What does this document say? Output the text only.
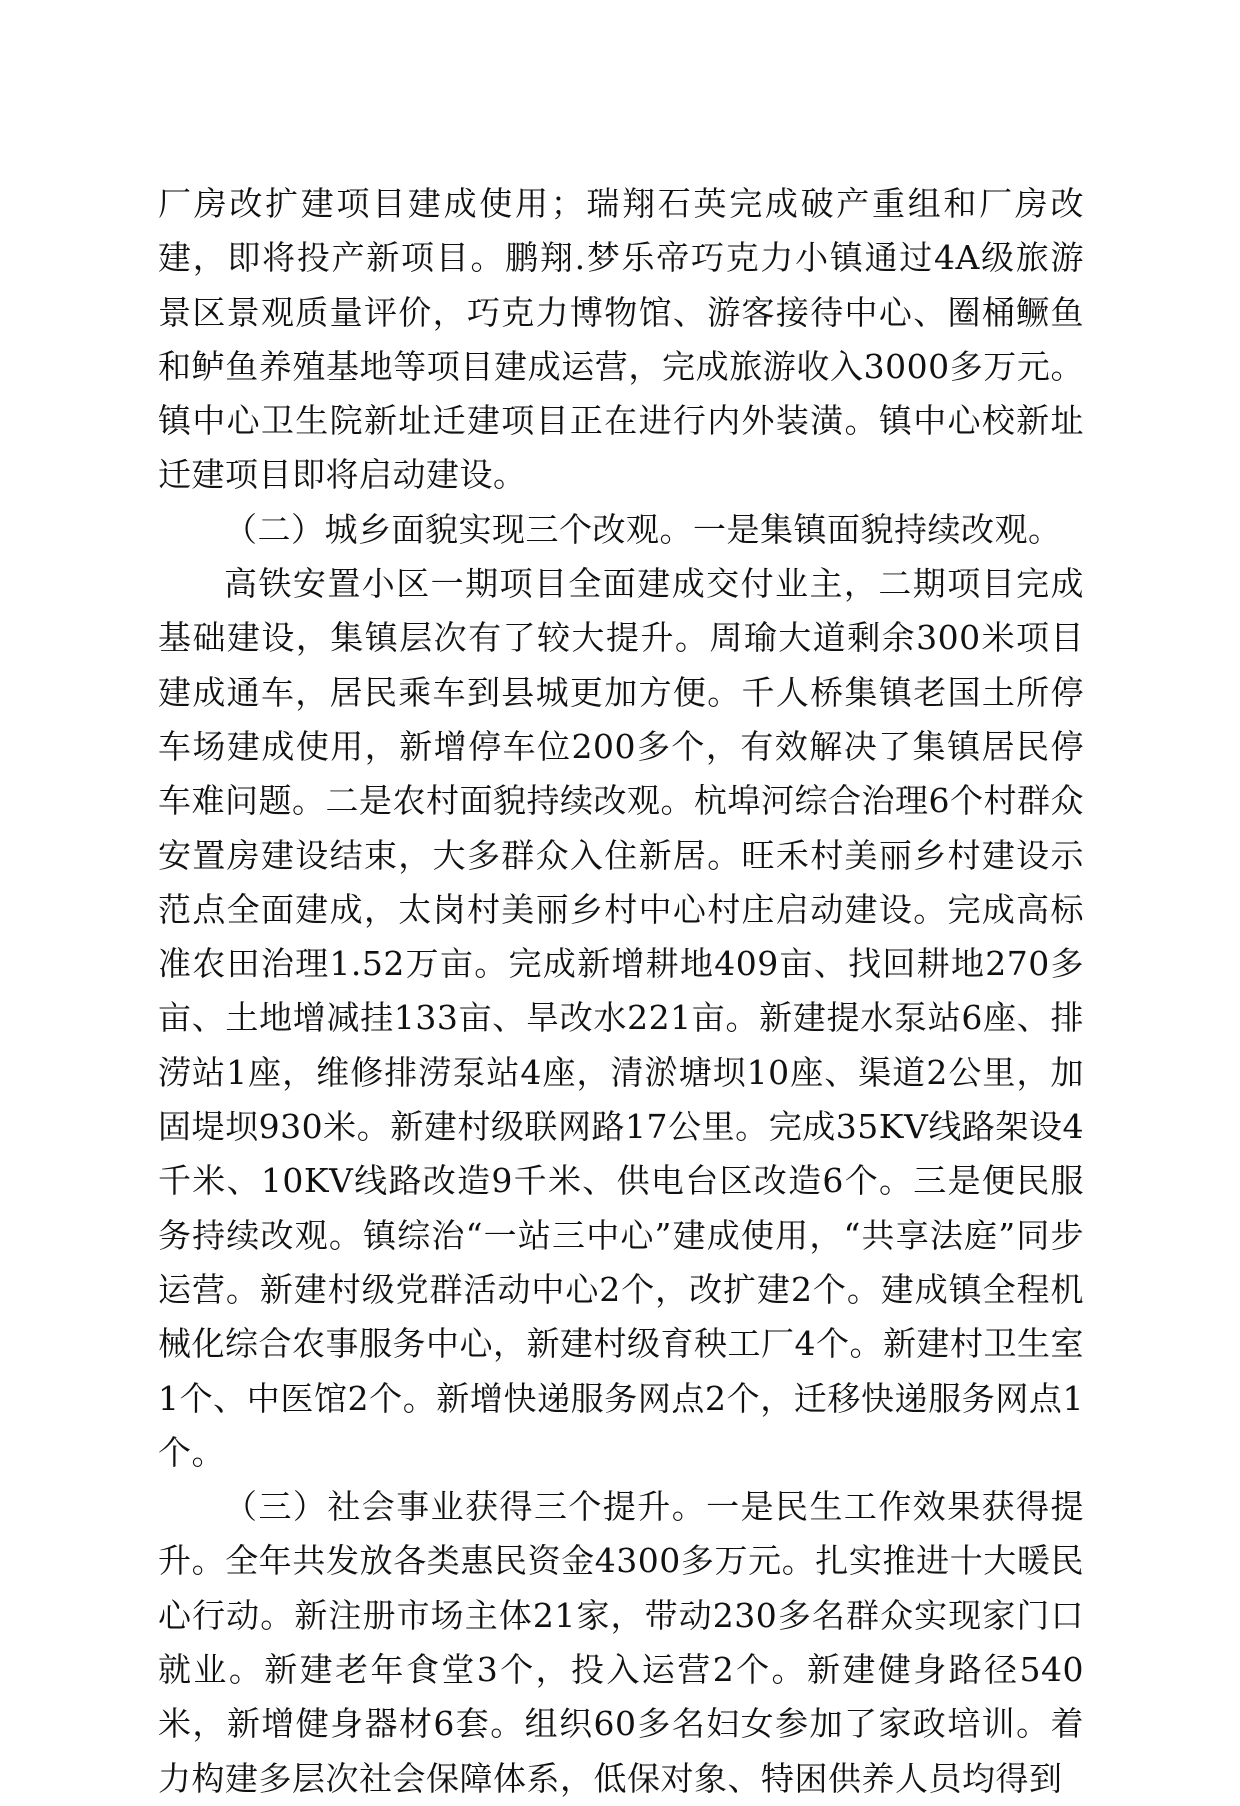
厂房改扩建项目建成使用；瑞翔石英完成破产重组和厂房改建，即将投产新项目。鹏翔.梦乐帝巧克力小镇通过4A级旅游景区景观质量评价，巧克力博物馆、游客接待中心、圈桶鳜鱼和鲈鱼养殖基地等项目建成运营，完成旅游收入3000多万元。镇中心卫生院新址迁建项目正在进行内外装潢。镇中心校新址迁建项目即将启动建设。

（二）城乡面貌实现三个改观。一是集镇面貌持续改观。

高铁安置小区一期项目全面建成交付业主，二期项目完成基础建设，集镇层次有了较大提升。周瑜大道剩余300米项目建成通车，居民乘车到县城更加方便。千人桥集镇老国土所停车场建成使用，新增停车位200多个，有效解决了集镇居民停车难问题。二是农村面貌持续改观。杭埠河综合治理6个村群众安置房建设结束，大多群众入住新居。旺禾村美丽乡村建设示范点全面建成，太岗村美丽乡村中心村庄启动建设。完成高标准农田治理1.52万亩。完成新增耕地409亩、找回耕地270多亩、土地增减挂133亩、旱改水221亩。新建提水泵站6座、排涝站1座，维修排涝泵站4座，清淤塘坝10座、渠道2公里，加固堤坝930米。新建村级联网路17公里。完成35KV线路架设4千米、10KV线路改造9千米、供电台区改造6个。三是便民服务持续改观。镇综治“一站三中心”建成使用，“共享法庭”同步运营。新建村级党群活动中心2个，改扩建2个。建成镇全程机械化综合农事服务中心，新建村级育秧工厂4个。新建村卫生室1个、中医馆2个。新增快递服务网点2个，迁移快递服务网点1个。

（三）社会事业获得三个提升。一是民生工作效果获得提升。全年共发放各类惠民资金4300多万元。扎实推进十大暖民心行动。新注册市场主体21家，带动230多名群众实现家门口就业。新建老年食堂3个，投入运营2个。新建健身路径540米，新增健身器材6套。组织60多名妇女参加了家政培训。着力构建多层次社会保障体系，低保对象、特困供养人员均得到
